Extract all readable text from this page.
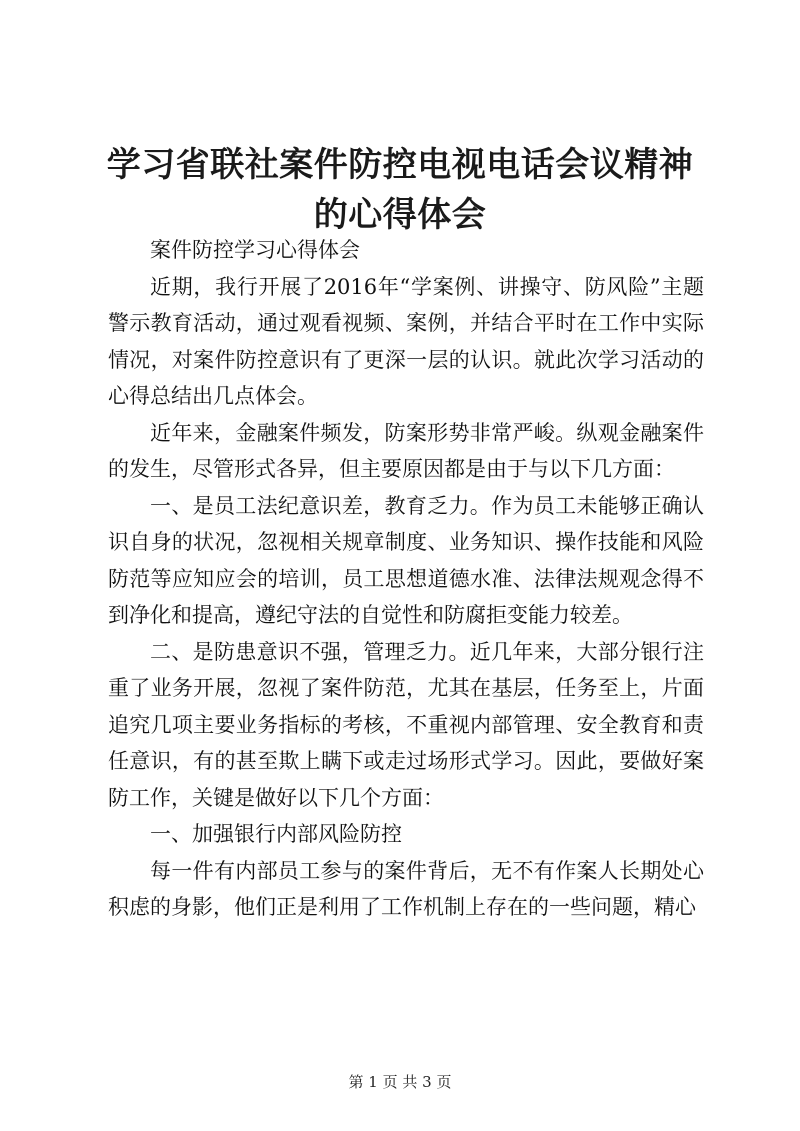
学习省联社案件防控电视电话会议精神的心得体会

案件防控学习心得体会

近期，我行开展了2016年“学案例、讲操守、防风险”主题警示教育活动，通过观看视频、案例，并结合平时在工作中实际情况，对案件防控意识有了更深一层的认识。就此次学习活动的心得总结出几点体会。

近年来，金融案件频发，防案形势非常严峻。纵观金融案件的发生，尽管形式各异，但主要原因都是由于与以下几方面：

一、是员工法纪意识差，教育乏力。作为员工未能够正确认识自身的状况，忽视相关规章制度、业务知识、操作技能和风险防范等应知应会的培训，员工思想道德水准、法律法规观念得不到净化和提高，遵纪守法的自觉性和防腐拒变能力较差。

二、是防患意识不强，管理乏力。近几年来，大部分银行注重了业务开展，忽视了案件防范，尤其在基层，任务至上，片面追究几项主要业务指标的考核，不重视内部管理、安全教育和责任意识，有的甚至欺上瞒下或走过场形式学习。因此，要做好案防工作，关键是做好以下几个方面：

一、加强银行内部风险防控

每一件有内部员工参与的案件背后，无不有作案人长期处心积虑的身影，他们正是利用了工作机制上存在的一些问题，精心

第 1 页 共 3 页
